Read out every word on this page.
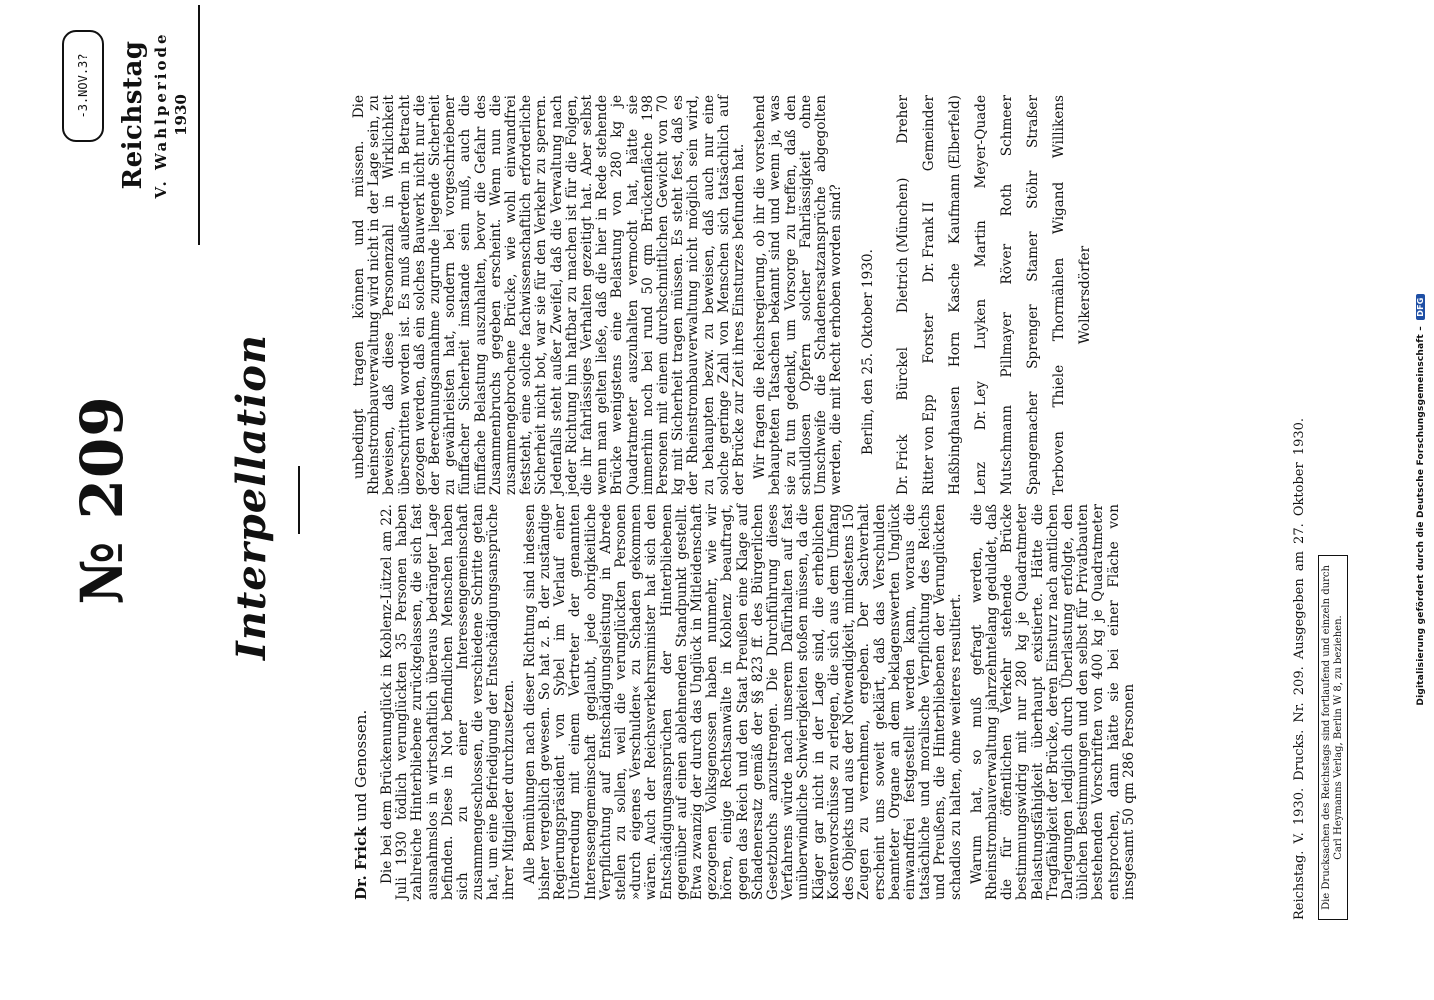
Digitalisierung gefördert durch die Deutsche Forschungsgemeinschaft – DFG
-3.NOV.3?	Reichstag V. Wahlperiode 1930
№ 209 Interpellation
Dr. Frick und Genossen. Die bei dem Brückenunglück in Koblenz-Lützel am 22. Juli 1930 tödlich verunglückten 35 Personen haben zahlreiche Hinterbliebene zurückgelassen, die sich fast ausnahmslos in wirtschaftlich überaus bedrängter Lage befinden. Diese in Not befindlichen Menschen haben sich zu einer Interessengemeinschaft zusammengeschlossen, die verschiedene Schritte getan hat, um eine Befriedigung der Entschädigungsansprüche ihrer Mitglieder durchzusetzen. Alle Bemühungen nach dieser Richtung sind indessen bisher vergeblich gewesen. So hat z. B. der zuständige Regierungspräsident von Sybel im Verlauf einer Unterredung mit einem Vertreter der genannten Interessengemeinschaft geglaubt, jede obrigkeitliche Verpflichtung auf Entschädigungsleistung in Abrede stellen zu sollen, weil die verunglückten Personen »durch eigenes Verschulden« zu Schaden gekommen wären. Auch der Reichsverkehrsminister hat sich den Entschädigungsansprüchen der Hinterbliebenen gegenüber auf einen ablehnenden Standpunkt gestellt. Etwa zwanzig der durch das Unglück in Mitleidenschaft gezogenen Volksgenossen haben nunmehr, wie wir hören, einige Rechtsanwälte in Koblenz beauftragt, gegen das Reich und den Staat Preußen eine Klage auf Schadenersatz gemäß der §§ 823 ff. des Bürgerlichen Gesetzbuchs anzustrengen. Die Durchführung dieses Verfahrens würde nach unserem Dafürhalten auf fast unüberwindliche Schwierigkeiten stoßen müssen, da die Kläger gar nicht in der Lage sind, die erheblichen Kostenvorschüsse zu erlegen, die sich aus dem Umfang des Objekts und aus der Notwendigkeit, mindestens 150 Zeugen zu vernehmen, ergeben. Der Sachverhalt erscheint uns soweit geklärt, daß das Verschulden beamteter Organe an dem beklagenswerten Unglück einwandfrei festgestellt werden kann, woraus die tatsächliche und moralische Verpflichtung des Reichs und Preußens, die Hinterbliebenen der Verunglückten schadlos zu halten, ohne weiteres resultiert. Warum hat, so muß gefragt werden, die Rheinstrombauverwaltung jahrzehntelang geduldet, daß die für öffentlichen Verkehr stehende Brücke bestimmungswidrig mit nur 280 kg je Quadratmeter Belastungsfähigkeit überhaupt existierte. Hätte die Tragfähigkeit der Brücke, deren Einsturz nach amtlichen Darlegungen lediglich durch Überlastung erfolgte, den üblichen Bestimmungen und den selbst für Privatbauten bestehenden Vorschriften von 400 kg je Quadratmeter entsprochen, dann hätte sie bei einer Fläche von insgesamt 50 qm 286 Personen

unbedingt tragen können und müssen. Die Rheinstrombauverwaltung wird nicht in der Lage sein, zu beweisen, daß diese Personenzahl in Wirklichkeit überschritten worden ist. Es muß außerdem in Betracht gezogen werden, daß ein solches Bauwerk nicht nur die der Berechnungsannahme zugrunde liegende Sicherheit zu gewährleisten hat, sondern bei vorgeschriebener fünffacher Sicherheit imstande sein muß, auch die fünffache Belastung auszuhalten, bevor die Gefahr des Zusammenbruchs gegeben erscheint. Wenn nun die zusammengebrochene Brücke, wie wohl einwandfrei feststeht, eine solche fachwissenschaftlich erforderliche Sicherheit nicht bot, war sie für den Verkehr zu sperren. Jedenfalls steht außer Zweifel, daß die Verwaltung nach jeder Richtung hin haftbar zu machen ist für die Folgen, die ihr fahrlässiges Verhalten gezeitigt hat. Aber selbst wenn man gelten ließe, daß die hier in Rede stehende Brücke wenigstens eine Belastung von 280 kg je Quadratmeter auszuhalten vermocht hat, hätte sie immerhin noch bei rund 50 qm Brückenfläche 198 Personen mit einem durchschnittlichen Gewicht von 70 kg mit Sicherheit tragen müssen. Es steht fest, daß es der Rheinstrombauverwaltung nicht möglich sein wird, zu behaupten bezw. zu beweisen, daß auch nur eine solche geringe Zahl von Menschen sich tatsächlich auf der Brücke zur Zeit ihres Einsturzes befunden hat. Wir fragen die Reichsregierung, ob ihr die vorstehend behaupteten Tatsachen bekannt sind und wenn ja, was sie zu tun gedenkt, um Vorsorge zu treffen, daß den schuldlosen Opfern solcher Fahrlässigkeit ohne Umschweife die Schadenersatzansprüche abgegolten werden, die mit Recht erhoben worden sind? Berlin, den 25. Oktober 1930.

Dr. Frick
Bürckel
Dietrich (München)
Dreher
Ritter von Epp
Forster
Dr. Frank II
Gemeinder
Haßbinghausen
Horn
Kasche
Kaufmann (Elberfeld)
Lenz
Dr. Ley
Luyken
Martin
Meyer-Quade
Mutschmann
Pillmayer
Röver
Roth
Schmeer
Spangemacher
Sprenger
Stamer
Stöhr
Straßer
Terboven
Thiele
Thormählen
Wigand
Willikens
Wolkersdörfer
Reichstag. V. 1930. Drucks. Nr. 209. Ausgegeben am 27. Oktober 1930.	Die Drucksachen des Reichstags sind fortlaufend und einzeln durch Carl Heymanns Verlag, Berlin W 8, zu beziehen.
